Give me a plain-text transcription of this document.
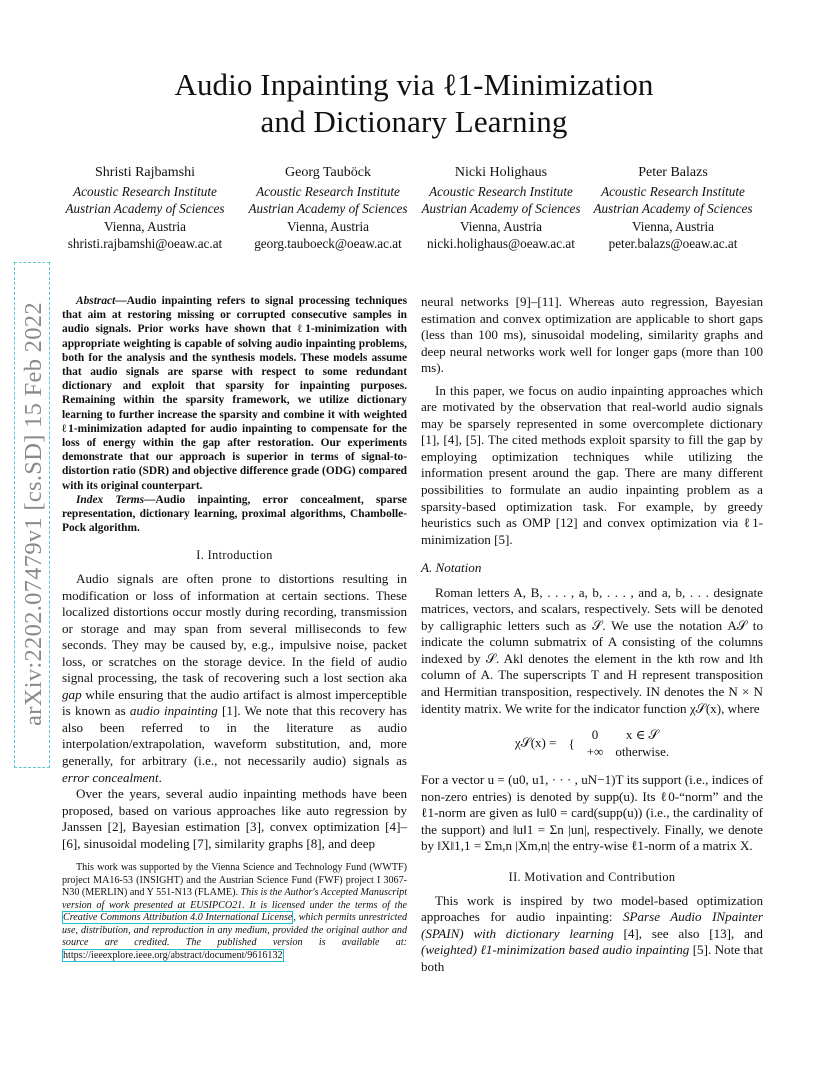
Audio Inpainting via ℓ1-Minimization
and Dictionary Learning
Shristi Rajbamshi
Acoustic Research Institute
Austrian Academy of Sciences
Vienna, Austria
shristi.rajbamshi@oeaw.ac.at
Georg Tauböck
Acoustic Research Institute
Austrian Academy of Sciences
Vienna, Austria
georg.tauboeck@oeaw.ac.at
Nicki Holighaus
Acoustic Research Institute
Austrian Academy of Sciences
Vienna, Austria
nicki.holighaus@oeaw.ac.at
Peter Balazs
Acoustic Research Institute
Austrian Academy of Sciences
Vienna, Austria
peter.balazs@oeaw.ac.at
arXiv:2202.07479v1 [cs.SD] 15 Feb 2022

Abstract—Audio inpainting refers to signal processing techniques that aim at restoring missing or corrupted consecutive samples in audio signals. Prior works have shown that ℓ1-minimization with appropriate weighting is capable of solving audio inpainting problems, both for the analysis and the synthesis models. These models assume that audio signals are sparse with respect to some redundant dictionary and exploit that sparsity for inpainting purposes. Remaining within the sparsity framework, we utilize dictionary learning to further increase the sparsity and combine it with weighted ℓ1-minimization adapted for audio inpainting to compensate for the loss of energy within the gap after restoration. Our experiments demonstrate that our approach is superior in terms of signal-to-distortion ratio (SDR) and objective difference grade (ODG) compared with its original counterpart.

Index Terms—Audio inpainting, error concealment, sparse representation, dictionary learning, proximal algorithms, Chambolle-Pock algorithm.

I. Introduction

Audio signals are often prone to distortions resulting in modification or loss of information at certain sections. These localized distortions occur mostly during recording, transmission or storage and may span from several milliseconds to few seconds. They may be caused by, e.g., impulsive noise, packet loss, or scratches on the storage device. In the field of audio signal processing, the task of recovering such a lost section aka gap while ensuring that the audio artifact is almost imperceptible is known as audio inpainting [1]. We note that this recovery has also been referred to in the literature as audio interpolation/extrapolation, waveform substitution, and, more generally, for arbitrary (i.e., not necessarily audio) signals as error concealment.

Over the years, several audio inpainting methods have been proposed, based on various approaches like auto regression by Janssen [2], Bayesian estimation [3], convex optimization [4]–[6], sinusoidal modeling [7], similarity graphs [8], and deep

This work was supported by the Vienna Science and Technology Fund (WWTF) project MA16-53 (INSIGHT) and the Austrian Science Fund (FWF) project I 3067-N30 (MERLIN) and Y 551-N13 (FLAME). This is the Author's Accepted Manuscript version of work presented at EUSIPCO21. It is licensed under the terms of the Creative Commons Attribution 4.0 International License, which permits unrestricted use, distribution, and reproduction in any medium, provided the original author and source are credited. The published version is available at: https://ieeexplore.ieee.org/abstract/document/9616132

neural networks [9]–[11]. Whereas auto regression, Bayesian estimation and convex optimization are applicable to short gaps (less than 100 ms), sinusoidal modeling, similarity graphs and deep neural networks work well for longer gaps (more than 100 ms).

In this paper, we focus on audio inpainting approaches which are motivated by the observation that real-world audio signals may be sparsely represented in some overcomplete dictionary [1], [4], [5]. The cited methods exploit sparsity to fill the gap by employing optimization techniques while utilizing the information present around the gap. There are many different possibilities to formulate an audio inpainting problem as a sparsity-based optimization task. For example, by greedy heuristics such as OMP [12] and convex optimization via ℓ1-minimization [5].

A. Notation

Roman letters A, B, . . . , a, b, . . . , and a, b, . . . designate matrices, vectors, and scalars, respectively. Sets will be denoted by calligraphic letters such as 𝒮. We use the notation A𝒮 to indicate the column submatrix of A consisting of the columns indexed by 𝒮. Akl denotes the element in the kth row and lth column of A. The superscripts T and H represent transposition and Hermitian transposition, respectively. IN denotes the N × N identity matrix. We write for the indicator function χ𝒮(x), where

χ𝒮(x) =	{	0	x ∈ 𝒮
		+∞	otherwise.

For a vector u = (u0, u1, · · · , uN−1)T its support (i.e., indices of non-zero entries) is denoted by supp(u). Its ℓ0-“norm” and the ℓ1-norm are given as ‖u‖0 = card(supp(u)) (i.e., the cardinality of the support) and ‖u‖1 = Σn |un|, respectively. Finally, we denote by ‖X‖1,1 = Σm,n |Xm,n| the entry-wise ℓ1-norm of a matrix X.

II. Motivation and Contribution

This work is inspired by two model-based optimization approaches for audio inpainting: SParse Audio INpainter (SPAIN) with dictionary learning [4], see also [13], and (weighted) ℓ1-minimization based audio inpainting [5]. Note that both
